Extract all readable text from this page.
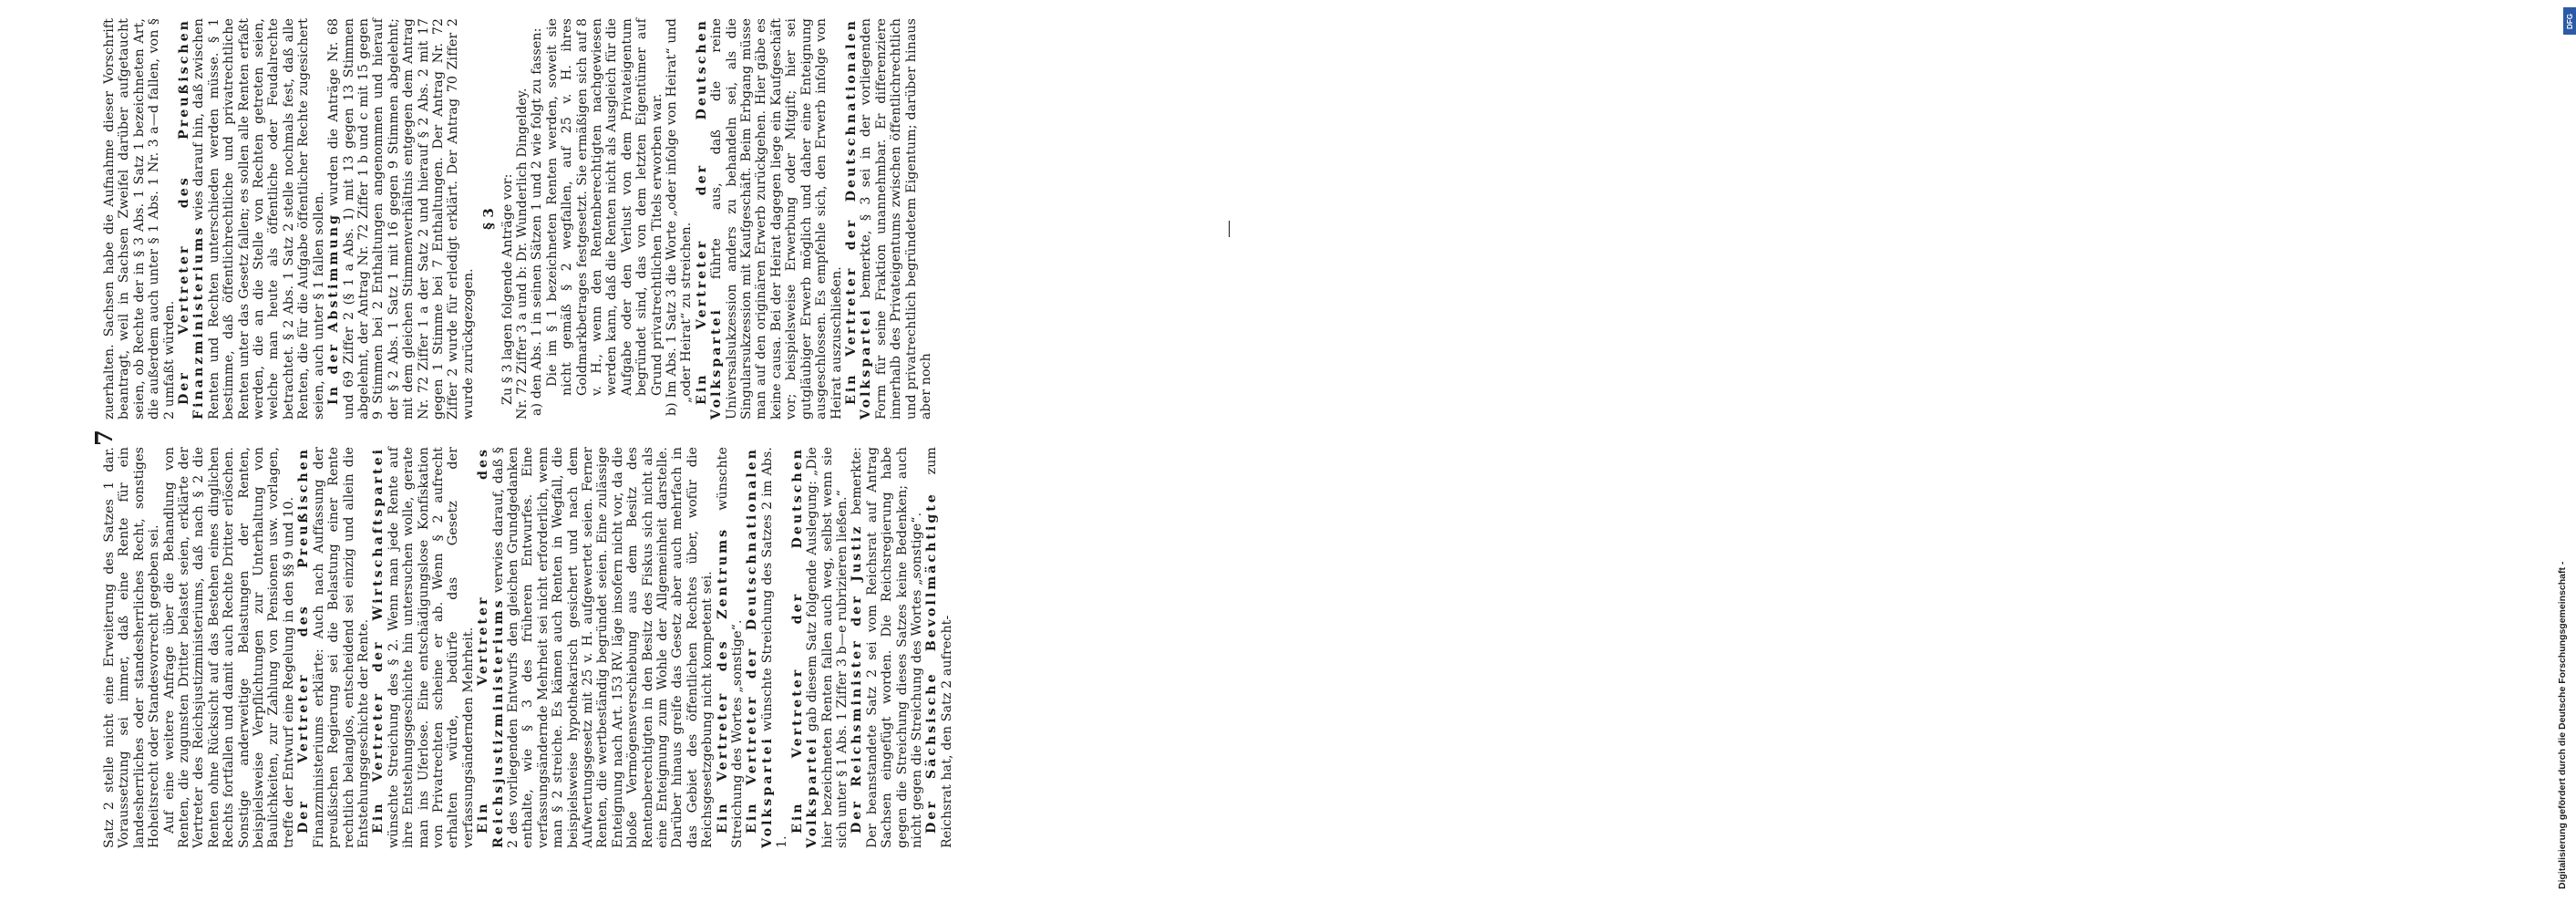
7

Satz 2 stelle nicht eine Erweiterung des Satzes 1 dar. Voraussetzung sei immer, daß eine Rente für ein landesherrliches oder standesherrliches Recht, sonstiges Hoheitsrecht oder Standesvorrecht gegeben sei. Auf eine weitere Anfrage über die Behandlung von Renten, die zugunsten Dritter belastet seien, erklärte der Vertreter des Reichsjustizministeriums, daß nach § 2 die Renten ohne Rücksicht auf das Bestehen eines dinglichen Rechts fortfallen und damit auch Rechte Dritter erlöschen. Sonstige anderweitige Belastungen der Renten, beispielsweise Verpflichtungen zur Unterhaltung von Baulichkeiten, zur Zahlung von Pensionen usw. vorlagen, treffe der Entwurf eine Regelung in den §§ 9 und 10. Der Vertreter des Preußischen Finanzministeriums erklärte: Auch nach Auffassung der preußischen Regierung sei die Belastung einer Rente rechtlich belanglos, entscheidend sei einzig und allein die Entstehungsgeschichte der Rente. Ein Vertreter der Wirtschaftspartei wünschte Streichung des § 2. Wenn man jede Rente auf ihre Entstehungsgeschichte hin untersuchen wolle, gerate man ins Uferlose. Eine entschädigungslose Konfiskation von Privatrechten scheine er ab. Wenn § 2 aufrecht erhalten würde, bedürfe das Gesetz der verfassungsändernden Mehrheit. Ein Vertreter des Reichsjustizministeriums verwies darauf, daß § 2 des vorliegenden Entwurfs den gleichen Grundgedanken enthalte, wie § 3 des früheren Entwurfes. Eine verfassungsändernde Mehrheit sei nicht erforderlich, wenn man § 2 streiche. Es kämen auch Renten in Wegfall, die beispielsweise hypothekarisch gesichert und nach dem Aufwertungsgesetz mit 25 v. H. aufgewertet seien. Ferner Renten, die wertbeständig begründet seien. Eine zulässige Enteignung nach Art. 153 RV. läge insofern nicht vor, da die bloße Vermögensverschiebung aus dem Besitz des Rentenberechtigten in den Besitz des Fiskus sich nicht als eine Enteignung zum Wohle der Allgemeinheit darstelle. Darüber hinaus greife das Gesetz aber auch mehrfach in das Gebiet des öffentlichen Rechtes über, wofür die Reichsgesetzgebung nicht kompetent sei. Ein Vertreter des Zentrums wünschte Streichung des Wortes „sonstige“. Ein Vertreter der Deutschnationalen Volkspartei wünschte Streichung des Satzes 2 im Abs. 1.

Ein Vertreter der Deutschen Volkspartei gab diesem Satz folgende Auslegung: „Die hier bezeichneten Renten fallen auch weg, selbst wenn sie sich unter § 1 Abs. 1 Ziffer 3 b—e rubrizieren ließen.“ Der Reichsminister der Justiz bemerkte: Der beanstandete Satz 2 sei vom Reichsrat auf Antrag Sachsen eingefügt worden. Die Reichsregierung habe gegen die Streichung dieses Satzes keine Bedenken; auch nicht gegen die Streichung des Wortes „sonstige“. Der Sächsische Bevollmächtigte zum Reichsrat hat, den Satz 2 aufrecht-

zuerhalten. Sachsen habe die Aufnahme dieser Vorschrift beantragt, weil in Sachsen Zweifel darüber aufgetaucht seien, ob Rechte der in § 3 Abs. 1 Satz 1 bezeichneten Art, die außerdem auch unter § 1 Abs. 1 Nr. 3 a—d fallen, von § 2 umfaßt würden. Der Vertreter des Preußischen Finanzministeriums wies darauf hin, daß zwischen Renten und Rechten unterschieden werden müsse. § 1 bestimme, daß öffentlichrechtliche und privatrechtliche Renten unter das Gesetz fallen; es sollen alle Renten erfaßt werden, die an die Stelle von Rechten getreten seien, welche man heute als öffentliche oder Feudalrechte betrachtet. § 2 Abs. 1 Satz 2 stelle nochmals fest, daß alle Renten, die für die Aufgabe öffentlicher Rechte zugesichert seien, auch unter § 1 fallen sollen. In der Abstimmung wurden die Anträge Nr. 68 und 69 Ziffer 2 (§ 1 a Abs. 1) mit 13 gegen 13 Stimmen abgelehnt, der Antrag Nr. 72 Ziffer 1 b und c mit 15 gegen 9 Stimmen bei 2 Enthaltungen angenommen und hierauf der § 2 Abs. 1 Satz 1 mit 16 gegen 9 Stimmen abgelehnt; mit dem gleichen Stimmenverhältnis entgegen dem Antrag Nr. 72 Ziffer 1 a der Satz 2 und hierauf § 2 Abs. 2 mit 17 gegen 1 Stimme bei 7 Enthaltungen. Der Antrag Nr. 72 Ziffer 2 wurde für erledigt erklärt. Der Antrag 70 Ziffer 2 wurde zurückgezogen.

§ 3 Zu § 3 lagen folgende Anträge vor: Nr. 72 Ziffer 3 a und b: Dr. Wunderlich Dingeldey. a) den Abs. 1 in seinen Sätzen 1 und 2 wie folgt zu fassen: Die im § 1 bezeichneten Renten werden, soweit sie nicht gemäß § 2 wegfallen, auf 25 v. H. ihres Goldmarkbetrages festgesetzt. Sie ermäßigen sich auf 8 v. H., wenn den Rentenberechtigten nachgewiesen werden kann, daß die Renten nicht als Ausgleich für die Aufgabe oder den Verlust von dem Privateigentum begründet sind, das von dem letzten Eigentümer auf Grund privatrechtlichen Titels erworben war.

b) Im Abs. 1 Satz 3 die Worte „oder infolge von Heirat“ und „oder Heirat“ zu streichen. Ein Vertreter der Deutschen Volkspartei führte aus, daß die reine Universalsukzession anders zu behandeln sei, als die Singularsukzession mit Kaufgeschäft. Beim Erbgang müsse man auf den originären Erwerb zurückgehen. Hier gäbe es keine causa. Bei der Heirat dagegen liege ein Kaufgeschäft vor; beispielsweise Erwerbung oder Mitgift; hier sei gutgläubiger Erwerb möglich und daher eine Enteignung ausgeschlossen. Es empfehle sich, den Erwerb infolge von Heirat auszuschließen. Ein Vertreter der Deutschnationalen Volkspartei bemerkte, § 3 sei in der vorliegenden Form für seine Fraktion unannehmbar. Er differenziere innerhalb des Privateigentums zwischen öffentlichrechtlich und privatrechtlich begründetem Eigentum; darüber hinaus aber noch

Digitalisierung gefördert durch die Deutsche Forschungsgemeinschaft -
DFG
